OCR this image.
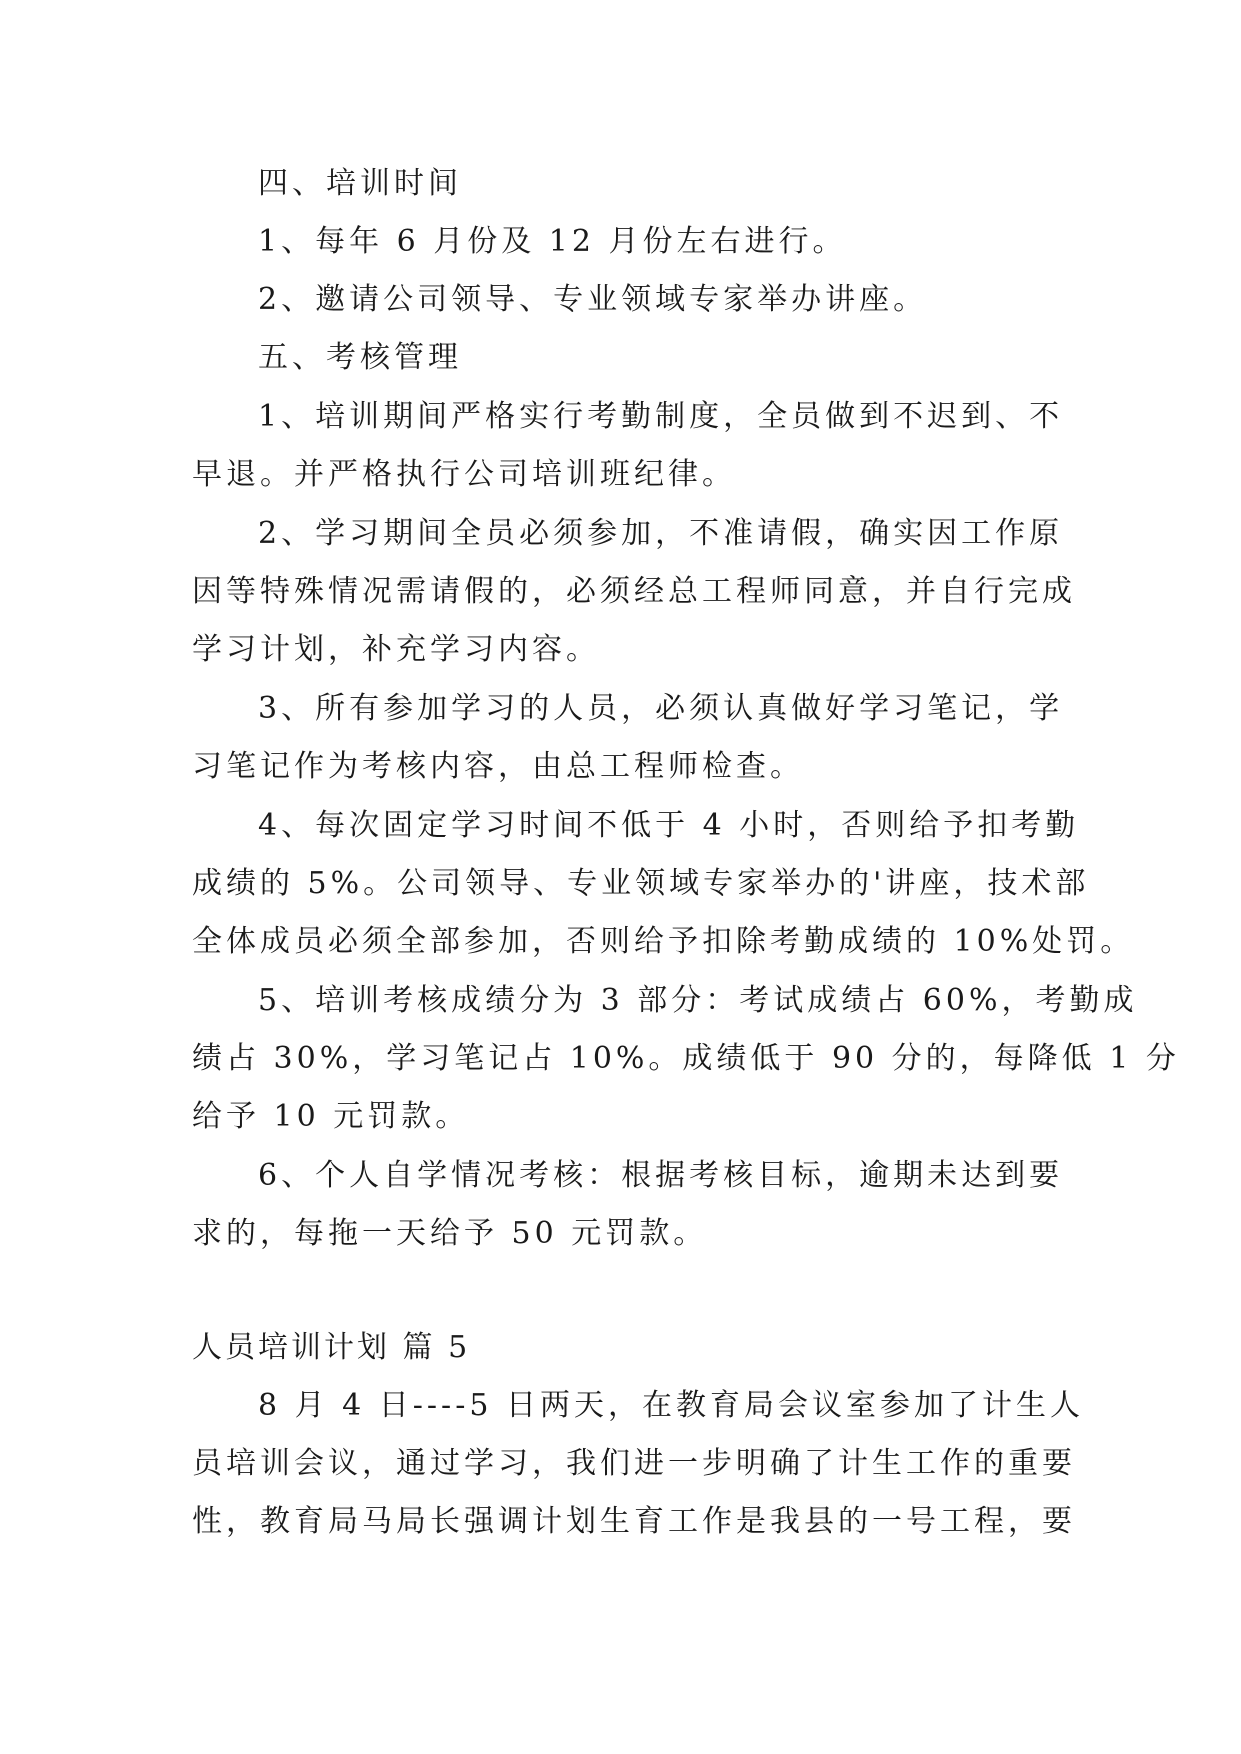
四、培训时间
1、每年 6 月份及 12 月份左右进行。
2、邀请公司领导、专业领域专家举办讲座。
五、考核管理
1、培训期间严格实行考勤制度，全员做到不迟到、不
早退。并严格执行公司培训班纪律。
2、学习期间全员必须参加，不准请假，确实因工作原
因等特殊情况需请假的，必须经总工程师同意，并自行完成
学习计划，补充学习内容。
3、所有参加学习的人员，必须认真做好学习笔记，学
习笔记作为考核内容，由总工程师检查。
4、每次固定学习时间不低于 4 小时，否则给予扣考勤
成绩的 5%。公司领导、专业领域专家举办的'讲座，技术部
全体成员必须全部参加，否则给予扣除考勤成绩的 10%处罚。
5、培训考核成绩分为 3 部分：考试成绩占 60%，考勤成
绩占 30%，学习笔记占 10%。成绩低于 90 分的，每降低 1 分
给予 10 元罚款。
6、个人自学情况考核：根据考核目标，逾期未达到要
求的，每拖一天给予 50 元罚款。
人员培训计划 篇 5
8 月 4 日----5 日两天，在教育局会议室参加了计生人
员培训会议，通过学习，我们进一步明确了计生工作的重要
性，教育局马局长强调计划生育工作是我县的一号工程，要
